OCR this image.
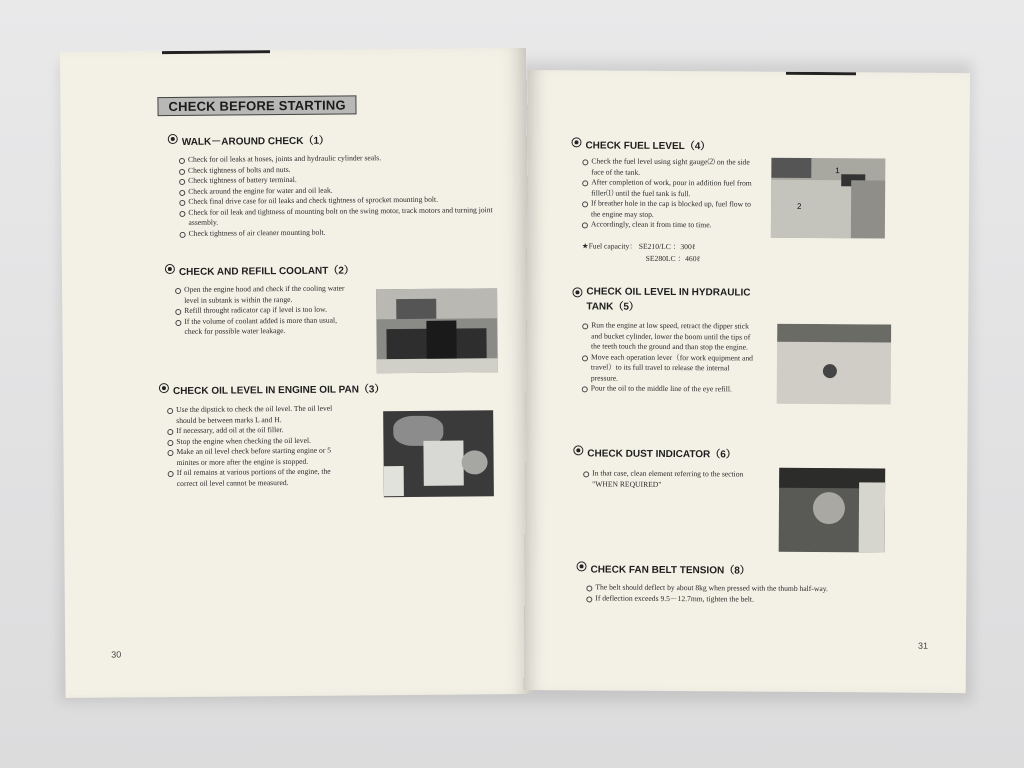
CHECK BEFORE STARTING
WALK－AROUND CHECK（1）
Check for oil leaks at hoses, joints and hydraulic cylinder seals.
Check tightness of bolts and nuts.
Check tightness of battery terminal.
Check around the engine for water and oil leak.
Check final drive case for oil leaks and check tightness of sprocket mounting bolt.
Check for oil leak and tightness of mounting bolt on the swing motor, track motors and turning joint assembly.
Check tightness of air cleaner mounting bolt.
CHECK AND REFILL COOLANT（2）
Open the engine hood and check if the cooling water level in subtank is within the range.
Refill throught radicator cap if level is too low.
If the volume of coolant added is more than usual, check for possible water leakage.
CHECK OIL LEVEL IN ENGINE OIL PAN（3）
Use the dipstick to check the oil level. The oil level should be between marks L and H.
If necessary, add oil at the oil filler.
Stop the engine when checking the oil level.
Make an oil level check before starting engine or 5 minites or more after the engine is stopped.
If oil remains at various portions of the engine, the correct oil level cannot be measured.
30
CHECK FUEL LEVEL（4）
Check the fuel level using sight gauge⑵ on the side face of the tank.
After completion of work, pour in addition fuel from filler⑴ until the fuel tank is full.
If breather hole in the cap is blocked up, fuel flow to the engine may stop.
Accordingly, clean it from time to time.
★Fuel capacity： SE210/LC ：300ℓ
SE280LC ：460ℓ
1
2
CHECK OIL LEVEL IN HYDRAULIC TANK（5）
Run the engine at low speed, retract the dipper stick and bucket cylinder, lower the boom until the tips of the teeth touch the ground and than stop the engine.
Move each operation lever（for work equipment and travel）to its full travel to release the internal pressure.
Pour the oil to the middle line of the eye refill.
CHECK DUST INDICATOR（6）
In that case, clean element referring to the section "WHEN REQUIRED"
CHECK FAN BELT TENSION（8）
The belt should deflect by about 8kg when pressed with the thumb half-way.
If deflection exceeds 9.5－12.7mm, tighten the belt.
31
